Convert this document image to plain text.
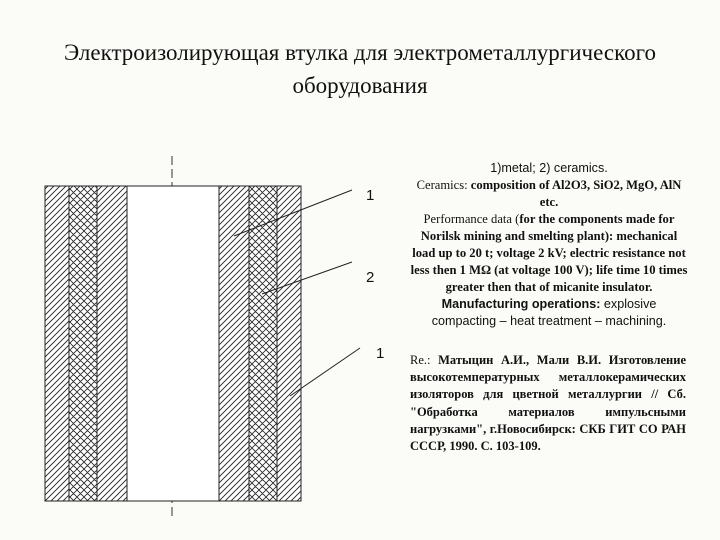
Электроизолирующая втулка для электрометаллургического
оборудования
1
2
1

1)metal; 2) ceramics.

Ceramics: composition of Al2O3, SiO2, MgO, AlN etc.

Performance data (for the components made for Norilsk mining and smelting plant): mechanical load up to 20 t; voltage 2 kV; electric resistance not less then 1 MΩ (at voltage 100 V); life time 10 times greater then that of micanite insulator.

Manufacturing operations: explosive compacting – heat treatment – machining.

Re.: Матыцин А.И., Мали В.И. Изготовление высокотемпературных металлокерамических изоляторов для цветной металлургии // Сб. "Обработка материалов импульсными нагрузками", г.Новосибирск: СКБ ГИТ СО РАН СССР, 1990. С. 103-109.
